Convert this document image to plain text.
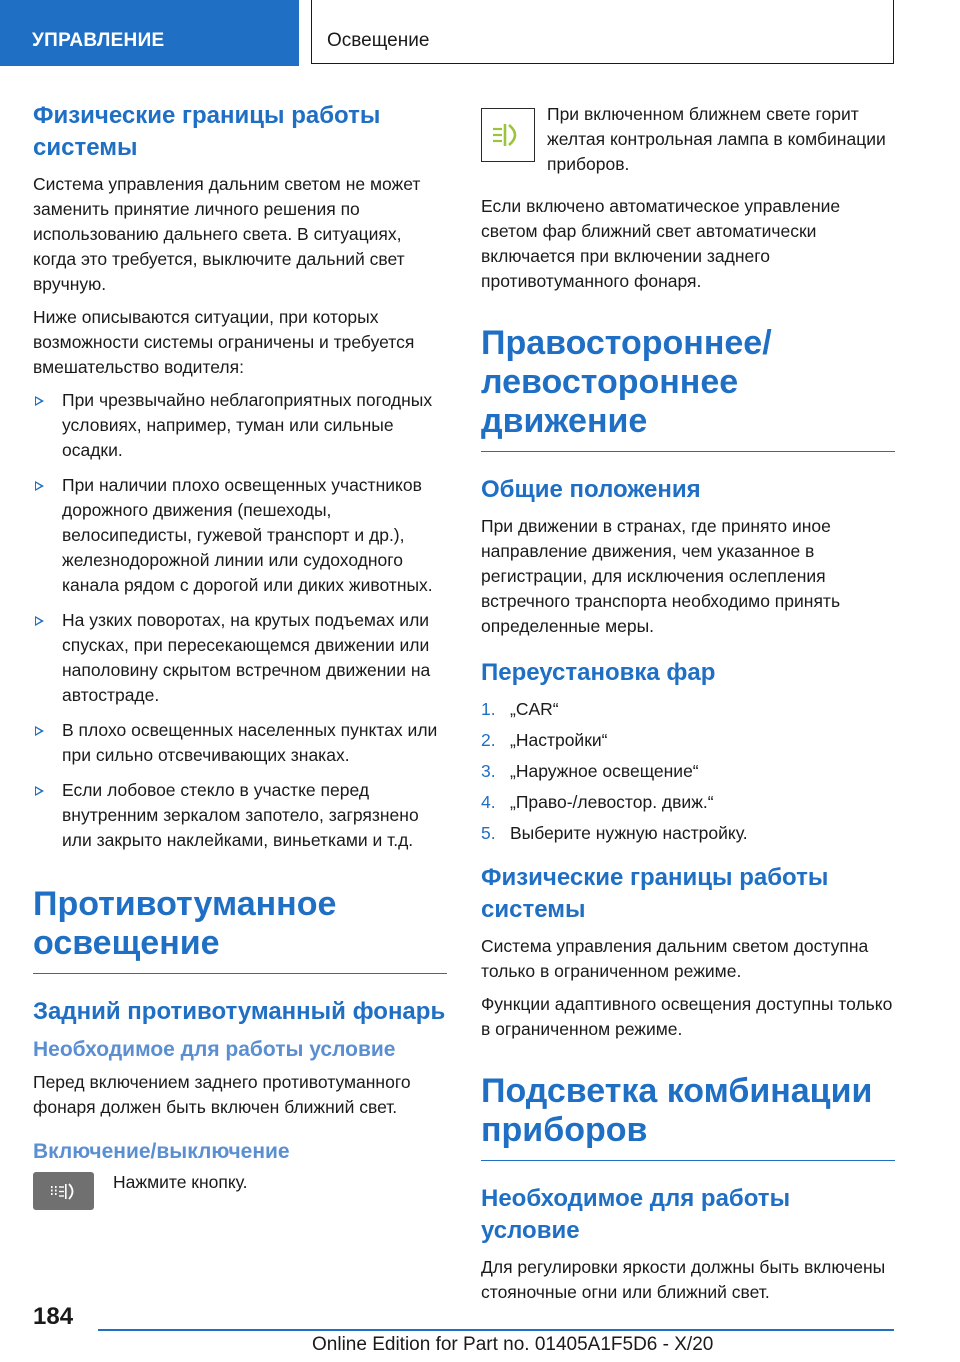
УПРАВЛЕНИЕ	Освещение
Физические границы работы системы

Система управления дальним светом не может заменить принятие личного решения по использованию дальнего света. В ситуациях, когда это требуется, выключите дальний свет вручную.

Ниже описываются ситуации, при которых возможности системы ограничены и требуется вмешательство водителя:

При чрезвычайно неблагоприятных погодных условиях, например, туман или сильные осадки.
При наличии плохо освещенных участников дорожного движения (пешеходы, велосипедисты, гужевой транспорт и др.), железнодорожной линии или судоходного канала рядом с дорогой или диких животных.
На узких поворотах, на крутых подъемах или спусках, при пересекающемся движении или наполовину скрытом встречном движении на автостраде.
В плохо освещенных населенных пунктах или при сильно отсвечивающих знаках.
Если лобовое стекло в участке перед внутренним зеркалом запотело, загрязнено или закрыто наклейками, виньетками и т.д.
Противотуманное освещение
Задний противотуманный фонарь
Необходимое для работы условие

Перед включением заднего противотуманного фонаря должен быть включен ближний свет.

Включение/выключение

Нажмите кнопку.

При включенном ближнем свете горит желтая контрольная лампа в комбинации приборов.

Если включено автоматическое управление светом фар ближний свет автоматически включается при включении заднего противотуманного фонаря.

Правостороннее/ левостороннее движение
Общие положения

При движении в странах, где принято иное направление движения, чем указанное в регистрации, для исключения ослепления встречного транспорта необходимо принять определенные меры.

Переустановка фар
1. „CAR“
2. „Настройки“
3. „Наружное освещение“
4. „Право-/левостор. движ.“
5. Выберите нужную настройку.
Физические границы работы системы

Система управления дальним светом доступна только в ограниченном режиме.

Функции адаптивного освещения доступны только в ограниченном режиме.

Подсветка комбинации приборов
Необходимое для работы условие

Для регулировки яркости должны быть включены стояночные огни или ближний свет.

184
Online Edition for Part no. 01405A1F5D6 - X/20
